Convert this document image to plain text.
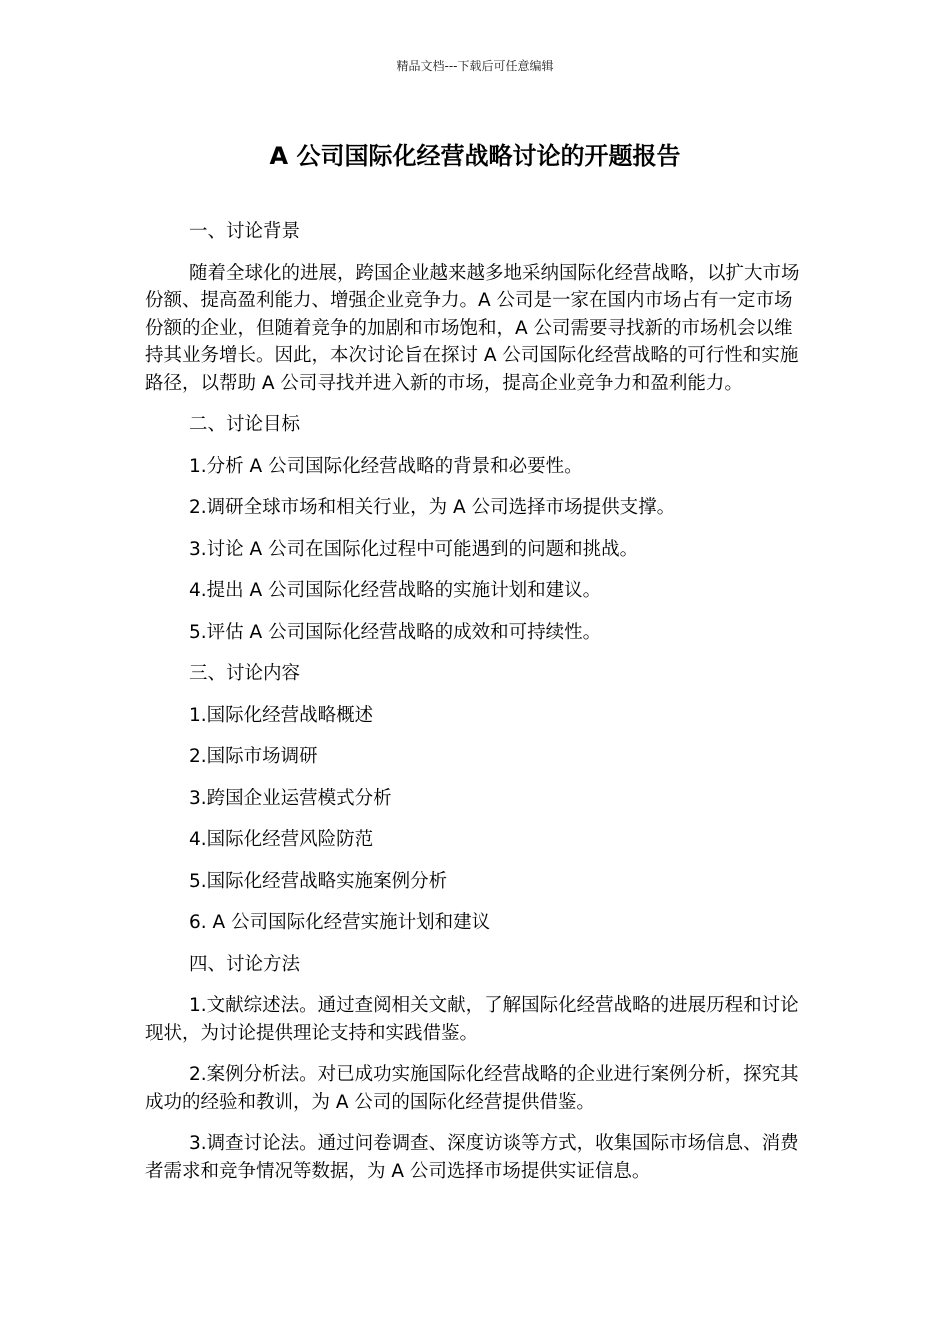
精品文档---下载后可任意编辑
A 公司国际化经营战略讨论的开题报告

一、讨论背景

随着全球化的进展，跨国企业越来越多地采纳国际化经营战略，以扩大市场份额、提高盈利能力、增强企业竞争力。A 公司是一家在国内市场占有一定市场份额的企业，但随着竞争的加剧和市场饱和，A 公司需要寻找新的市场机会以维持其业务增长。因此，本次讨论旨在探讨 A 公司国际化经营战略的可行性和实施路径，以帮助 A 公司寻找并进入新的市场，提高企业竞争力和盈利能力。

二、讨论目标

1.分析 A 公司国际化经营战略的背景和必要性。

2.调研全球市场和相关行业，为 A 公司选择市场提供支撑。

3.讨论 A 公司在国际化过程中可能遇到的问题和挑战。

4.提出 A 公司国际化经营战略的实施计划和建议。

5.评估 A 公司国际化经营战略的成效和可持续性。

三、讨论内容

1.国际化经营战略概述

2.国际市场调研

3.跨国企业运营模式分析

4.国际化经营风险防范

5.国际化经营战略实施案例分析

6. A 公司国际化经营实施计划和建议

四、讨论方法

1.文献综述法。通过查阅相关文献，了解国际化经营战略的进展历程和讨论现状，为讨论提供理论支持和实践借鉴。

2.案例分析法。对已成功实施国际化经营战略的企业进行案例分析，探究其成功的经验和教训，为 A 公司的国际化经营提供借鉴。

3.调查讨论法。通过问卷调查、深度访谈等方式，收集国际市场信息、消费者需求和竞争情况等数据，为 A 公司选择市场提供实证信息。
